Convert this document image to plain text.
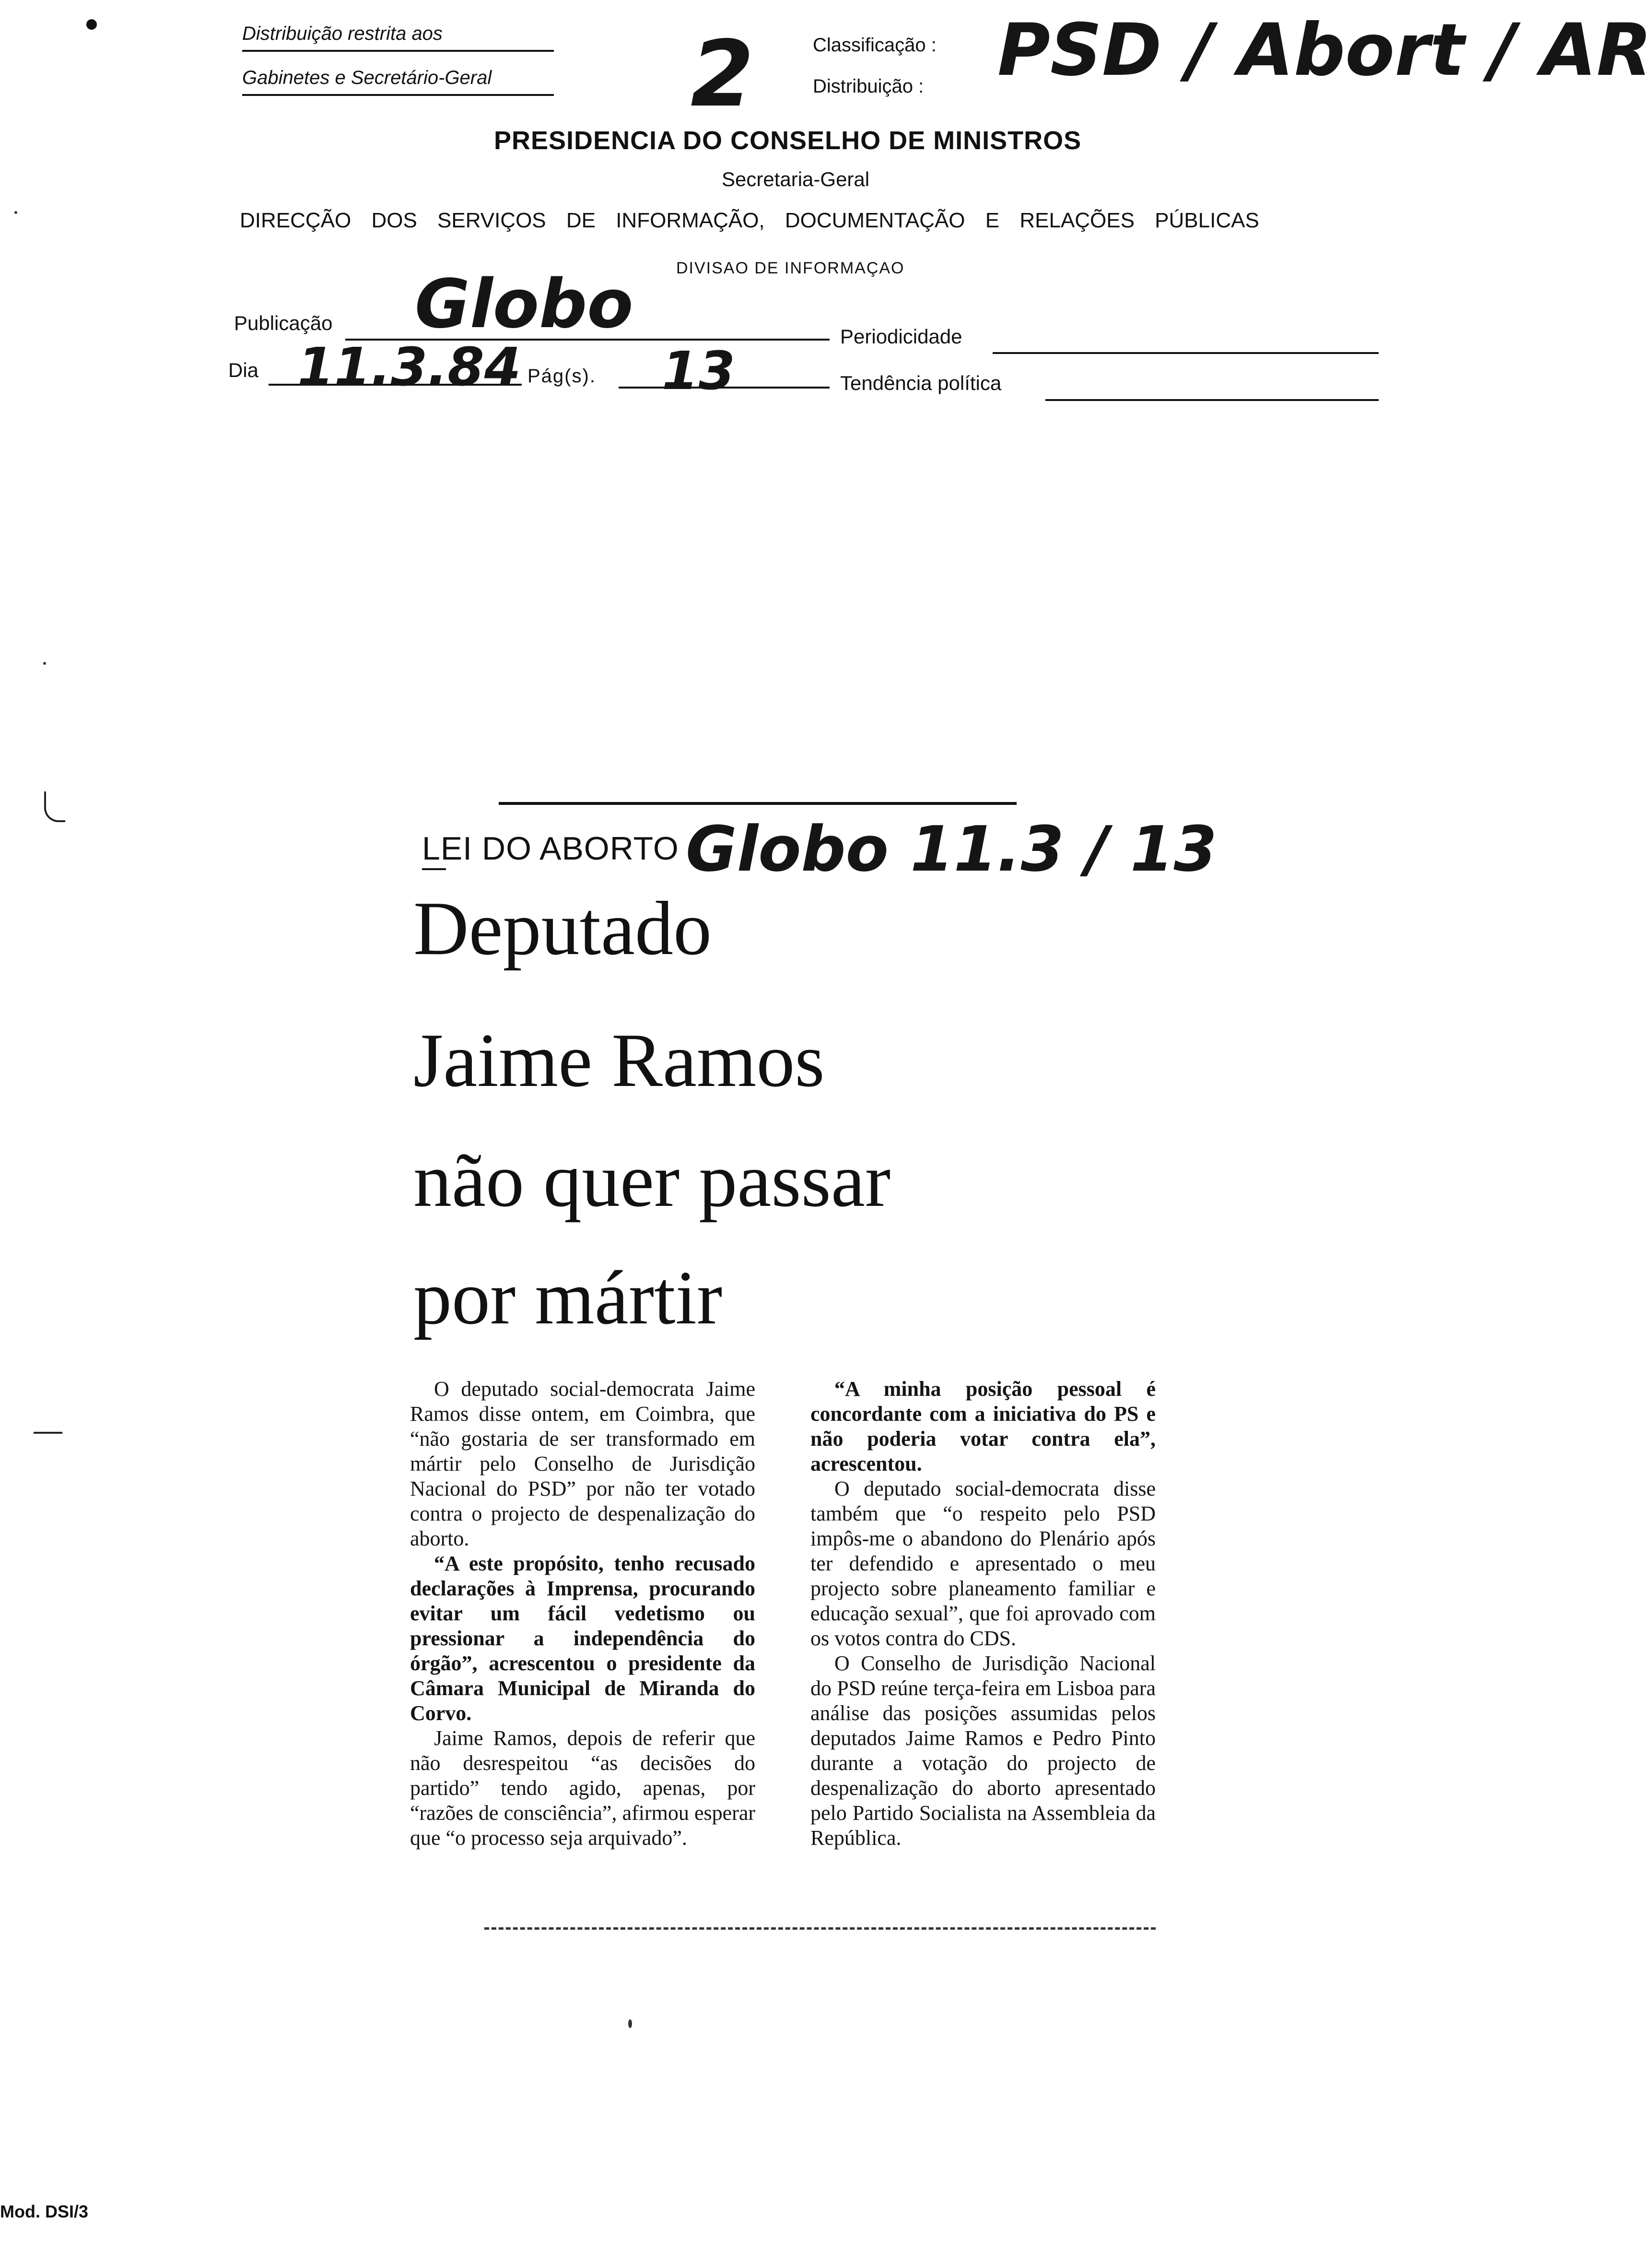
Distribuição restrita aos
Gabinetes e Secretário-Geral 2	Classificação :
Distribuição : PSD / Abort / AR
PRESIDENCIA DO CONSELHO DE MINISTROS
Secretaria-Geral
DIRECÇÃO DOS SERVIÇOS DE INFORMAÇÃO, DOCUMENTAÇÃO E RELAÇÕES PÚBLICAS
DIVISAO DE INFORMAÇAO
Publicação Globo	Periodicidade
Dia 11.3.84 Pág(s). 13	Tendência política
LEI DO ABORTO Globo 11.3 / 13
Deputado
Jaime Ramos
não quer passar
por mártir

O deputado social-democrata Jaime Ramos disse ontem, em Coimbra, que “não gostaria de ser transformado em mártir pelo Conselho de Jurisdição Nacional do PSD” por não ter votado contra o projecto de despenalização do aborto.

“A este propósito, tenho recusado declarações à Imprensa, procurando evitar um fácil vedetismo ou pressionar a independência do órgão”, acrescentou o presidente da Câmara Municipal de Miranda do Corvo.

Jaime Ramos, depois de referir que não desrespeitou “as decisões do partido” tendo agido, apenas, por “razões de consciência”, afirmou esperar que “o processo seja arquivado”.

“A minha posição pessoal é concordante com a iniciativa do PS e não poderia votar contra ela”, acrescentou.

O deputado social-democrata disse também que “o respeito pelo PSD impôs-me o abandono do Plenário após ter defendido e apresentado o meu projecto sobre planeamento familiar e educação sexual”, que foi aprovado com os votos contra do CDS.

O Conselho de Jurisdição Nacional do PSD reúne terça-feira em Lisboa para análise das posições assumidas pelos deputados Jaime Ramos e Pedro Pinto durante a votação do projecto de despenalização do aborto apresentado pelo Partido Socialista na Assembleia da República.

Mod. DSI/3
